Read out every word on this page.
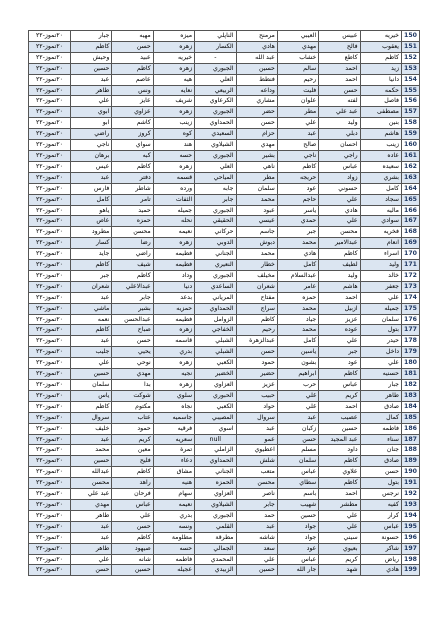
150	خيريه	عبيس	العيبي	مرمنح	الناپلي	ميزه	مهيه	جبار	٢٠تموز-٢٢
151	يعقوب	فالح	مهدي	هادي	الكسار	زهره	حسن	كاظم	٢٠تموز-٢٢
152	كاظم	كاطع	خشاب	عبد الله	-	خيريه	عبيد	وحيش	٢٠تموز-٢٢
153	زيد	احمد	سالم	حسين	الجبوري	زهره	كاظم	حسين	٢٠تموز-٢٢
154	دانيا	احمد	رحيم	فنطط	العلي	هيه	عاصم	عبد	٢٠تموز-٢٢
155	حكمه	حسن	فليت	وداعه	الربيعي	نعايه	ونس	طاهر	٢٠تموز-٢٢
156	فاصل	لفته	علوان	مشاري	الكرعاوي	شريف	عايز	علي	٢٠تموز-٢٢
157	مصطفى	عبد علي	مطر	حضر	الجبوري	زهره	عزاوي	ابوي	٢٠تموز-٢٢
158	بنين	وليد	علي	حسن	الحمداوي	زينب	كاشم	ابو	٢٠تموز-٢٢
159	هاشم	دبلي	عبد	حزام	السعيدي	كوه	كروز	راضي	٢٠تموز-٢٢
160	زينب	احسان	صالح	مهدي	الشيلاوي	هند	سواي	ناجي	٢٠تموز-٢٢
161	عاده	راجي	ناجي	بشير	الجبوري	حسه	كبه	برهان	٢٠تموز-٢٢
162	سعيده	عباس	كاظم	ناهي	العلي	زهره	كاظم	عيس	٢٠تموز-٢٢
163	بشري	زواد	حريجه	مطر	المياحي	قسمه	دفتر	عبد	٢٠تموز-٢٢
164	كامل	حسوني	عود	سلمان	جابه	ورده	شاطر	فارس	٢٠تموز-٢٢
165	سجاد	علي	حاجم	محمد	جابر	الثفات	تامر	كامل	٢٠تموز-٢٢
166	ماليه	هادي	ياسر	عبود	الجبوري	جميله	حميد	ياهو	٢٠تموز-٢٢
167	سوادي	علي	حمدي	عيسي	الحقيقي	نحله	حمزه	عاص	٢٠تموز-٢٢
168	فخريه	محسن	جبر	جاسم	حركاني	نعيمه	محسن	مطرود	٢٠تموز-٢٢
169	انعام	عبدالامير	محمد	دبوش	الدوبي	زهره	رضا	كسار	٢٠تموز-٢٢
170	اسراء	كاظم	هادي	محمد	الجناني	فطيمه	راضي	جايد	٢٠تموز-٢٢
171	وليد	لطيف	كامل	خطار	النعيري	فطيمه	شيف	كاظم	٢٠تموز-٢٢
172	خالد	وليد	عبدالسلام	مخيلف	الجبوري	وداد	كاظم	جبر	٢٠تموز-٢٢
173	جعفر	هاشم	عامر	شعران	الساعدي	دنيا	عبدالاعلي	شعران	٢٠تموز-٢٢
174	علي	احمد	حمزه	مفتاح	المرياني	بدعد	جابر	عبد	٢٠تموز-٢٢
175	جميله	ازبيل	محمد	سراج	الحمداوي	حمزيه	بشير	ماشي	٢٠تموز-٢٢
176	سلمان	عزيز	جياد	كاظم	الزوامل	فطيمه	عبدالحسن	نعمه	٢٠تموز-٢٢
177	بتول	عوده	محمد	رحيم	الخفاجي	زهره	صباح	كاظم	٢٠تموز-٢٢
178	حيدر	علي	كامل	عبدالزهرة	الشبلي	قاسمه	حسن	عبد	٢٠تموز-٢٢
179	داخل	جبر	ياسين	حسن	الشبلي	بدري	يحيي	جليب	٢٠تموز-٢٢
180	علي	عود	بشون	حمود	الكعبي	زهره	نوحي	علي	٢٠تموز-٢٢
181	حسنيه	كاظم	ابراهيم	حضير	الخضير	نجيه	مهدي	حسين	٢٠تموز-٢٢
182	جبار	عباس	حرب	عزيز	العزاوي	زهره	بدا	سلمان	٢٠تموز-٢٢
183	طاهر	كريم	غلي	حبيب	الحبوري	سلوي	شوكت	ياس	٢٠تموز-٢٢
184	صادق	احمد	غلي	حواد	الكعبي	نجاه	مكتوم	كاظم	٢٠تموز-٢٢
185	كمال	عصيب	عبد	سروال	المصيبي	جاسميه	عتاب	سروال	٢٠تموز-٢٢
186	فاطمه	حسين	زكبان	عبد	اسوي	فرقيه	حمود	خليف	٢٠تموز-٢٢
187	سناء	عبد المجيد	حسن	عمو	null	سعريه	كريم	عبد	٢٠تموز-٢٢
188	جنان	داود	مسلم	اعطيوي	الزاملي	تمرة	معين	محمد	٢٠تموز-٢٢
189	صادق	كاظم	سلمان	شلش	الحمداوي	دعاء	فليح	حسين	٢٠تموز-٢٢
190	حسن	علاوي	عباس	متعب	الجناني	مشاق	كاظم	عبدالله	٢٠تموز-٢٢
191	بتول	كاظم	سطاي	محسن	الحمزه	هنيه	راهد	محسن	٢٠تموز-٢٢
192	نرجس	احمد	باسم	ناصر	العزاوي	سهام	فرحان	عبد علي	٢٠تموز-٢٢
193	كفيه	مطشر	شهيب	جابر	الشيلاوي	نعيمه	عباس	مهدي	٢٠تموز-٢٢
194	كرار	علي	حسين	حمد	الجبوري	بدري	علي	طاهر	٢٠تموز-٢٢
195	عباس	علي	جواد	عبد	القلمي	ونسه	حسن	عبد	٢٠تموز-٢٢
196	حسونة	سيني	جواد	شاشه	مطرقة	مطلومة	كاظم	عبد	٢٠تموز-٢٢
197	شاكر	بعيوي	عود	سعد	الجمالي	حسه	صيهود	طاهر	٢٠تموز-٢٢
198	رياض	كريم	عباس	علي	المحمدي	فاطمه	شانه	علي	٢٠تموز-٢٢
199	هادي	شهد	جار الله	حسين	الزبيدي	عجيله	حسين	حسن	٢٠تموز-٢٢
